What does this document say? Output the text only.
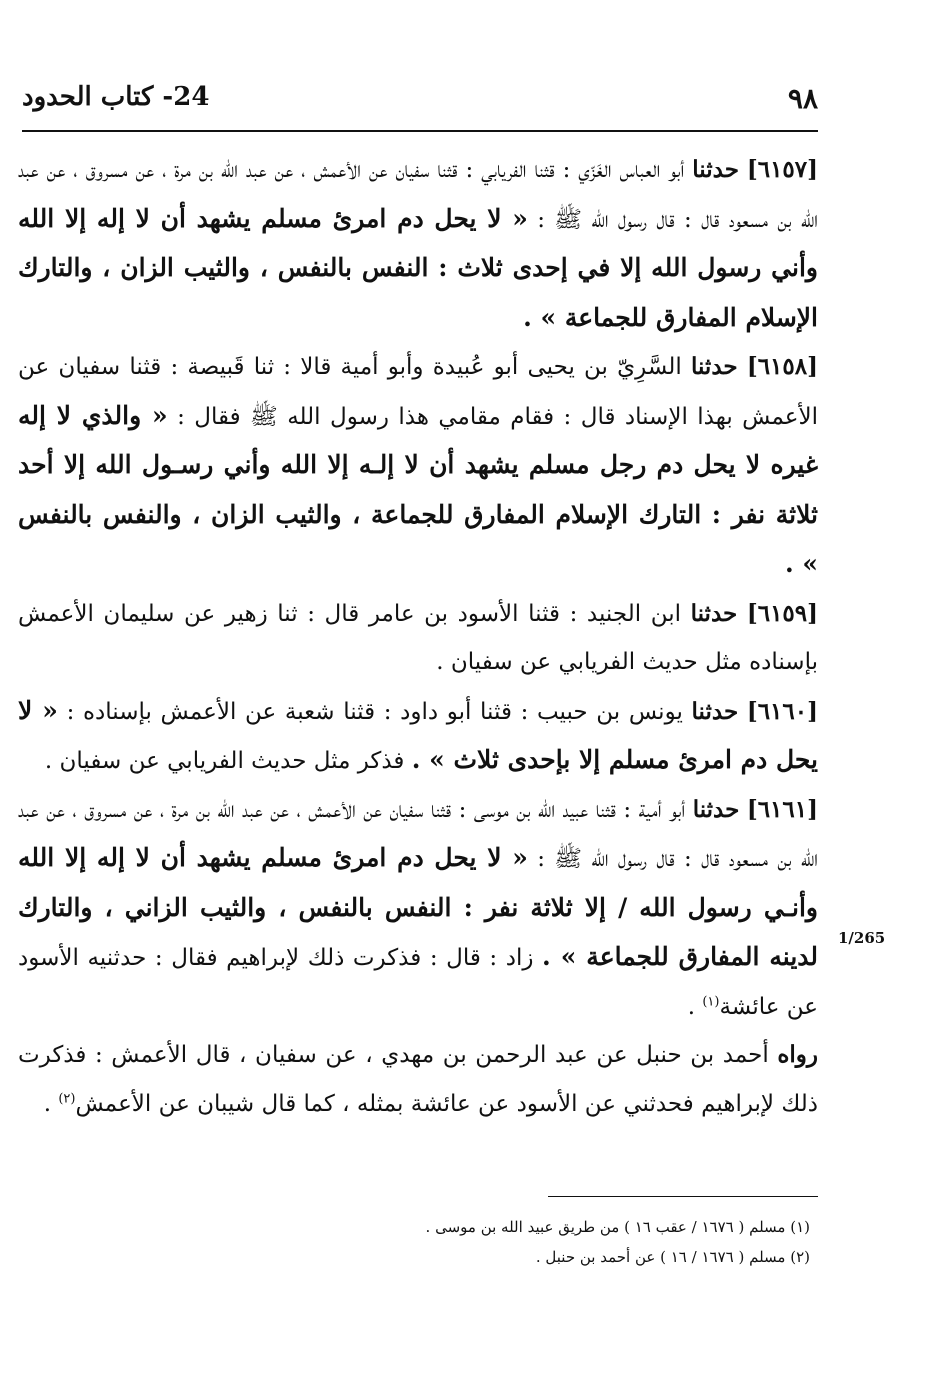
٩٨
24- كتاب الحدود

[٦١٥٧] حدثنا أبو العباس الغَزّي : قثنا الفريابي : قثنا سفيان عن الأعمش ، عن عبد الله بن مرة ، عن مسروق ، عن عبد الله بن مسعود قال : قال رسول الله ﷺ : « لا يحل دم امرئ مسلم يشهد أن لا إله إلا الله وأني رسول الله إلا في إحدى ثلاث : النفس بالنفس ، والثيب الزان ، والتارك الإسلام المفارق للجماعة » .

[٦١٥٨] حدثنا السَّرِيّ بن يحيى أبو عُبيدة وأبو أمية قالا : ثنا قَبيصة : قثنا سفيان عن الأعمش بهذا الإسناد قال : فقام مقامي هذا رسول الله ﷺ فقال : « والذي لا إله غيره لا يحل دم رجل مسلم يشهد أن لا إلـه إلا الله وأني رسـول الله إلا أحد ثلاثة نفر : التارك الإسلام المفارق للجماعة ، والثيب الزان ، والنفس بالنفس » .

[٦١٥٩] حدثنا ابن الجنيد : قثنا الأسود بن عامر قال : ثنا زهير عن سليمان الأعمش بإسناده مثل حديث الفريابي عن سفيان .

[٦١٦٠] حدثنا يونس بن حبيب : قثنا أبو داود : قثنا شعبة عن الأعمش بإسناده : « لا يحل دم امرئ مسلم إلا بإحدى ثلاث » . فذكر مثل حديث الفريابي عن سفيان .

[٦١٦١] حدثنا أبو أمية : قثنا عبيد الله بن موسى : قثنا سفيان عن الأعمش ، عن عبد الله بن مرة ، عن مسروق ، عن عبد الله بن مسعود قال : قال رسول الله ﷺ : « لا يحل دم امرئ مسلم يشهد أن لا إله إلا الله وأنـي رسول الله / إلا ثلاثة نفر : النفس بالنفس ، والثيب الزاني ، والتارك لدينه المفارق للجماعة » . زاد : قال : فذكرت ذلك لإبراهيم فقال : حدثنيه الأسود عن عائشة$^{(١)}$ .

رواه أحمد بن حنبل عن عبد الرحمن بن مهدي ، عن سفيان ، قال الأعمش : فذكرت ذلك لإبراهيم فحدثني عن الأسود عن عائشة بمثله ، كما قال شيبان عن الأعمش$^{(٢)}$ .

1/265

(١) مسلم ( ١٦٧٦ / عقب ١٦ ) من طريق عبيد الله بن موسى .

(٢) مسلم ( ١٦٧٦ / ١٦ ) عن أحمد بن حنبل .
